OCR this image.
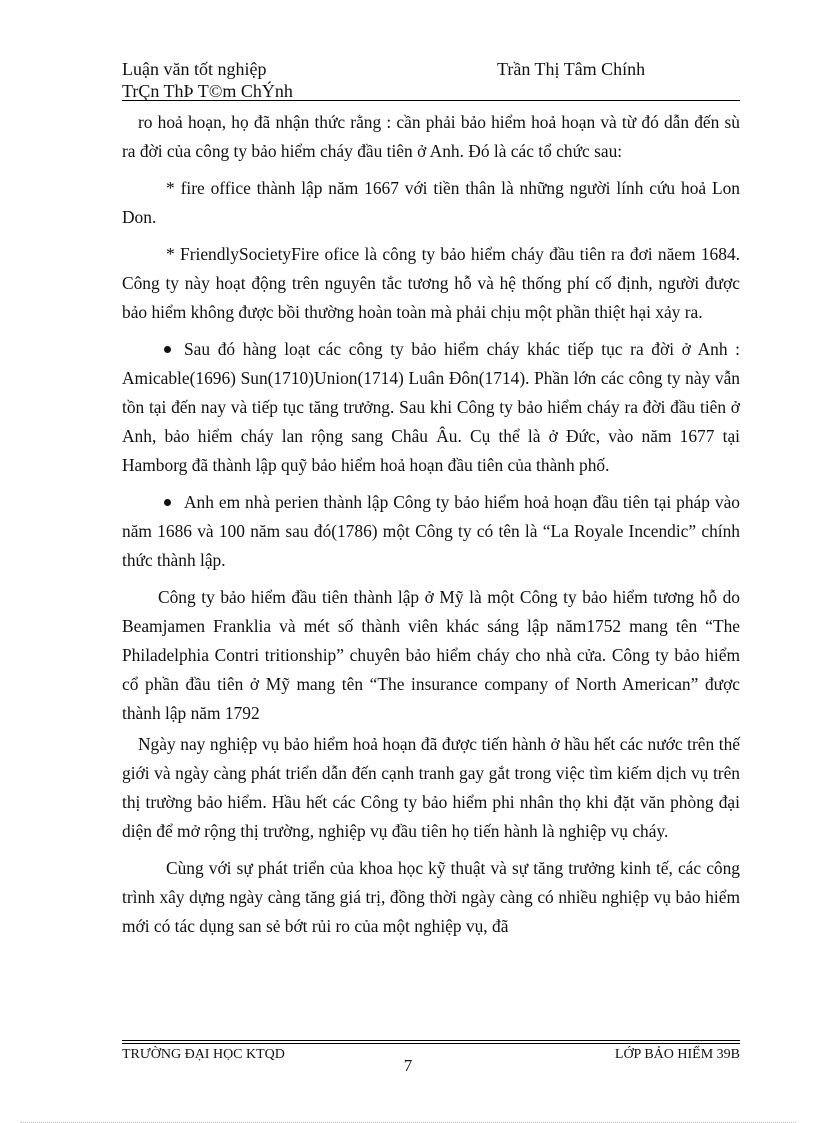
Luận văn tốt nghiệp
TrÇn ThÞ T©m ChÝnh
Trần Thị Tâm Chính

ro hoả hoạn, họ đã nhận thức rằng : cần phải bảo hiểm hoả hoạn và từ đó dẫn đến sù ra đời của công ty bảo hiểm cháy đầu tiên ở Anh. Đó là các tổ chức sau:

* fire office thành lập năm 1667 với tiền thân là những người lính cứu hoả Lon Don.

* FriendlySocietyFire ofice là công ty bảo hiểm cháy đầu tiên ra đơi năem 1684. Công ty này hoạt động trên nguyên tắc tương hỗ và hệ thống phí cố định, người được bảo hiểm không được bồi thường hoàn toàn mà phải chịu một phần thiệt hại xảy ra.

Sau đó hàng loạt các công ty bảo hiểm cháy khác tiếp tục ra đời ở Anh : Amicable(1696) Sun(1710)Union(1714) Luân Đôn(1714). Phần lớn các công ty này vẫn tồn tại đến nay và tiếp tục tăng trưởng. Sau khi Công ty bảo hiểm cháy ra đời đầu tiên ở Anh, bảo hiểm cháy lan rộng sang Châu Âu. Cụ thể là ở Đức, vào năm 1677 tại Hamborg đã thành lập quỹ bảo hiểm hoả hoạn đầu tiên của thành phố.

Anh em nhà perien thành lập Công ty bảo hiểm hoả hoạn đầu tiên tại pháp vào năm 1686 và 100 năm sau đó(1786) một Công ty có tên là “La Royale Incendic” chính thức thành lập.

Công ty bảo hiểm đầu tiên thành lập ở Mỹ là một Công ty bảo hiểm tương hỗ do Beamjamen Franklia và mét số thành viên khác sáng lập năm1752 mang tên “The Philadelphia Contri tritionship” chuyên bảo hiểm cháy cho nhà cửa. Công ty bảo hiểm cổ phần đầu tiên ở Mỹ mang tên “The insurance company of North American” được thành lập năm 1792

Ngày nay nghiệp vụ bảo hiểm hoả hoạn đã được tiến hành ở hầu hết các nước trên thế giới và ngày càng phát triển dẫn đến cạnh tranh gay gắt trong việc tìm kiếm dịch vụ trên thị trường bảo hiểm. Hầu hết các Công ty bảo hiểm phi nhân thọ khi đặt văn phòng đại diện để mở rộng thị trường, nghiệp vụ đầu tiên họ tiến hành là nghiệp vụ cháy.

Cùng với sự phát triển của khoa học kỹ thuật và sự tăng trưởng kinh tế, các công trình xây dựng ngày càng tăng giá trị, đồng thời ngày càng có nhiều nghiệp vụ bảo hiểm mới có tác dụng san sẻ bớt rủi ro của một nghiệp vụ, đã

TRƯỜNG ĐẠI HỌC KTQD	LỚP BẢO HIỂM 39B
7
